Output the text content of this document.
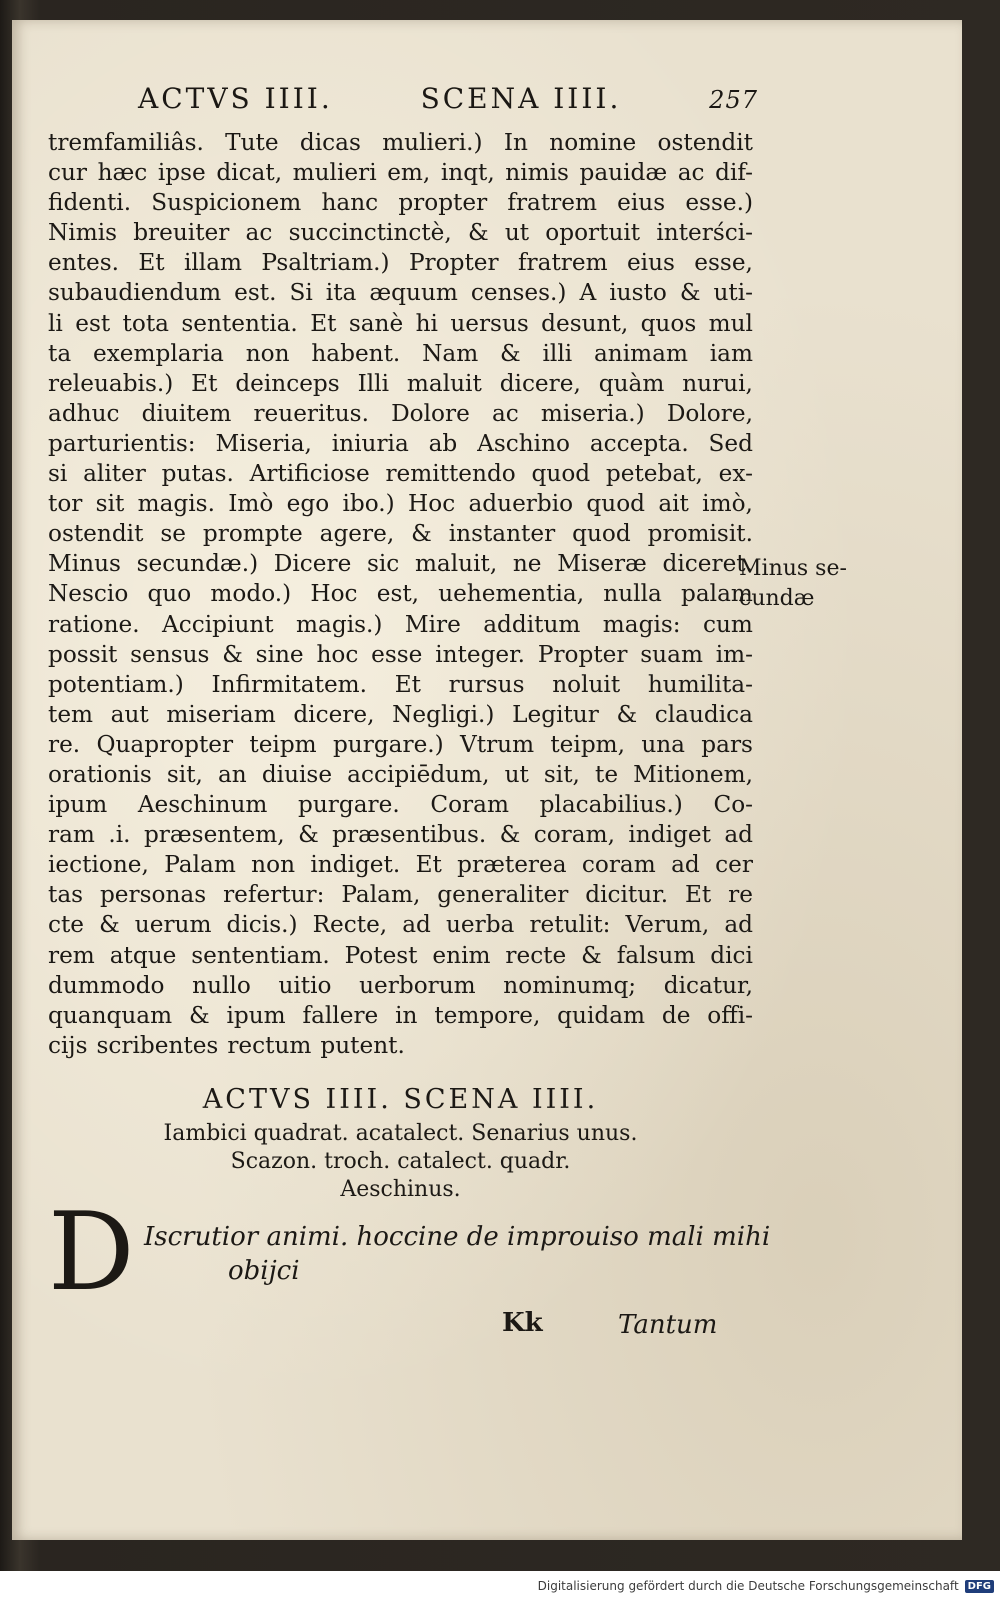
ACTVS IIII.	SCENA IIII.	257
tremfamiliâs. Tute dicas mulieri.) In nomine ostendit
cur hæc ipse dicat, mulieri em, inqt, nimis pauidæ ac dif-
fidenti. Suspicionem hanc propter fratrem eius esse.)
Nimis breuiter ac succinctinctè, & ut oportuit interści-
entes. Et illam Psaltriam.) Propter fratrem eius esse,
subaudiendum est. Si ita æquum censes.) A iusto & uti-
li est tota sententia. Et sanè hi uersus desunt, quos mul
ta exemplaria non habent. Nam & illi animam iam
releuabis.) Et deinceps Illi maluit dicere, quàm nurui,
adhuc diuitem reueritus. Dolore ac miseria.) Dolore,
parturientis: Miseria, iniuria ab Aschino accepta. Sed
si aliter putas. Artificiose remittendo quod petebat, ex-
tor sit magis. Imò ego ibo.) Hoc aduerbio quod ait imò,
ostendit se prompte agere, & instanter quod promisit.
Minus secundæ.) Dicere sic maluit, ne Miseræ diceret.
Nescio quo modo.) Hoc est, uehementia, nulla palam
ratione. Accipiunt magis.) Mire additum magis: cum
possit sensus & sine hoc esse integer. Propter suam im-
potentiam.) Infirmitatem. Et rursus noluit humilita-
tem aut miseriam dicere, Negligi.) Legitur & claudica
re. Quapropter teipm purgare.) Vtrum teipm, una pars
orationis sit, an diuise accipiēdum, ut sit, te Mitionem,
ipum Aeschinum purgare. Coram placabilius.) Co-
ram .i. præsentem, & præsentibus. & coram, indiget ad
iectione, Palam non indiget. Et præterea coram ad cer
tas personas refertur: Palam, generaliter dicitur. Et re
cte & uerum dicis.) Recte, ad uerba retulit: Verum, ad
rem atque sententiam. Potest enim recte & falsum dici
dummodo nullo uitio uerborum nominumq; dicatur,
quanquam & ipum fallere in tempore, quidam de offi-
cijs scribentes rectum putent.
Minus se-
cundæ
ACTVS IIII. SCENA IIII.
Iambici quadrat. acatalect. Senarius unus.
Scazon. troch. catalect. quadr.
Aeschinus.
D Iscrutior animi. hoccine de improuiso mali mihi
obijci
Kk	Tantum
Digitalisierung gefördert durch die Deutsche Forschungsgemeinschaft DFG
